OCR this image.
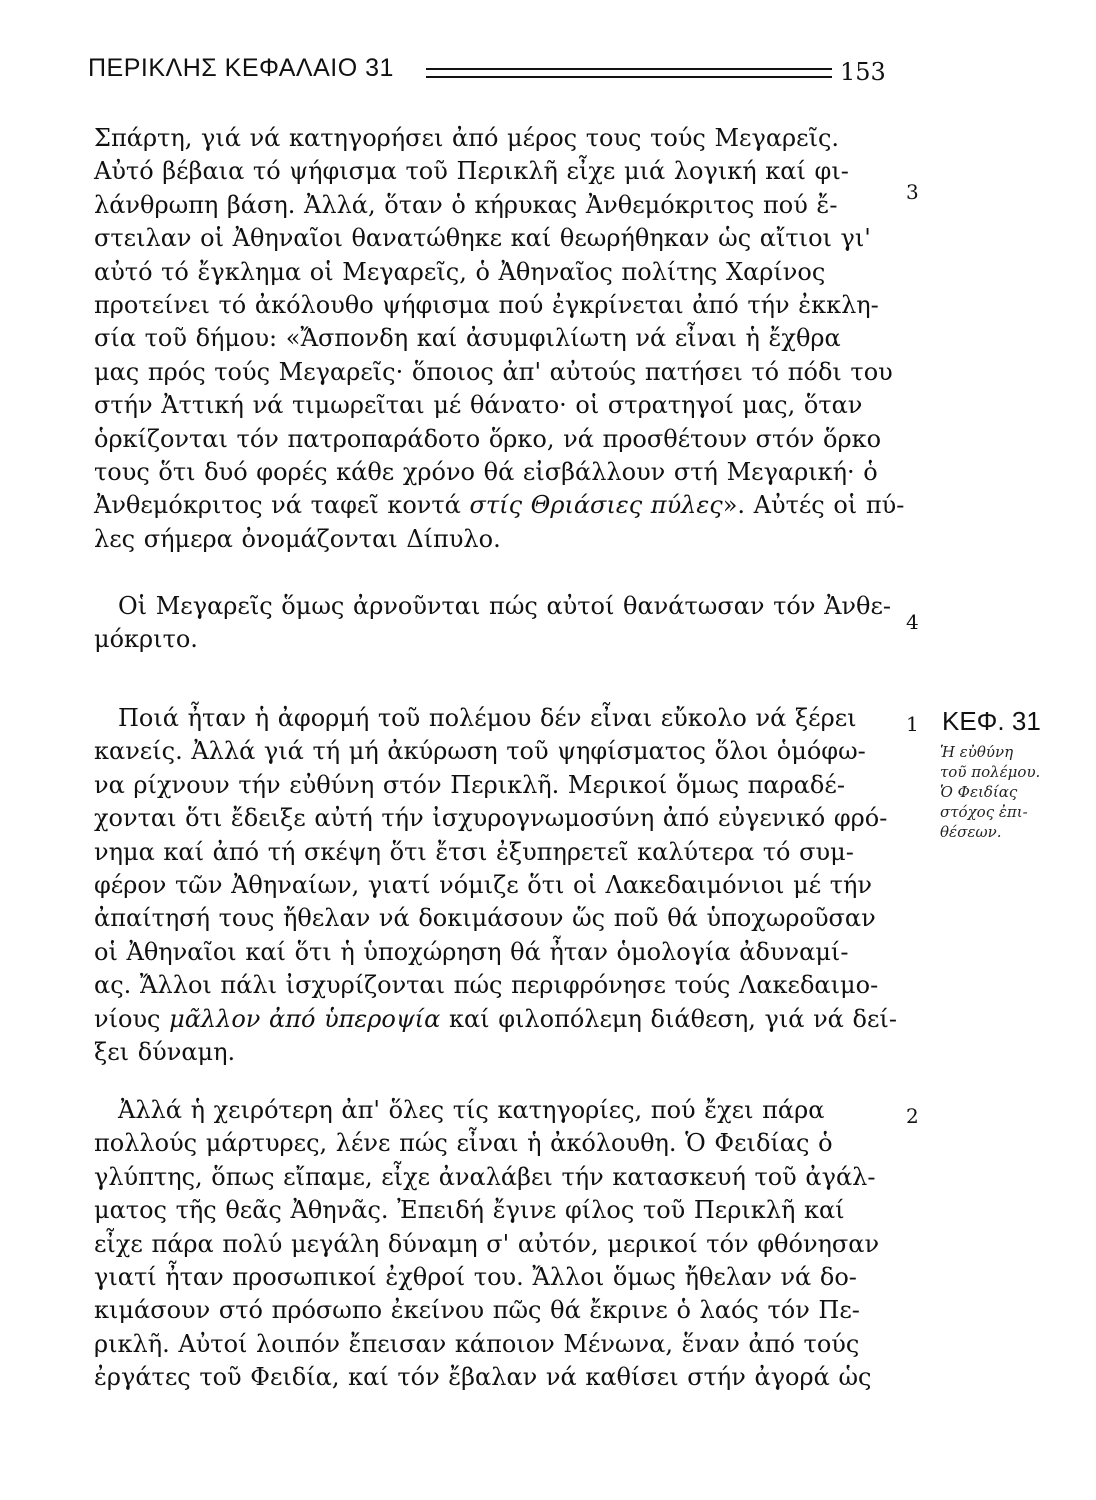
ΠΕΡΙΚΛΗΣ ΚΕΦΑΛΑΙΟ 31	153
Σπάρτη, γιά νά κατηγορήσει ἀπό μέρος τους τούς Μεγαρεῖς.
Αὐτό βέβαια τό ψήφισμα τοῦ Περικλῆ εἶχε μιά λογική καί φι-
λάνθρωπη βάση. Ἀλλά, ὅταν ὁ κήρυκας Ἀνθεμόκριτος πού ἔ-
στειλαν οἱ Ἀθηναῖοι θανατώθηκε καί θεωρήθηκαν ὡς αἴτιοι γι'
αὐτό τό ἔγκλημα οἱ Μεγαρεῖς, ὁ Ἀθηναῖος πολίτης Χαρίνος
προτείνει τό ἀκόλουθο ψήφισμα πού ἐγκρίνεται ἀπό τήν ἐκκλη-
σία τοῦ δήμου: «Ἄσπονδη καί ἀσυμφιλίωτη νά εἶναι ἡ ἔχθρα
μας πρός τούς Μεγαρεῖς· ὅποιος ἀπ' αὐτούς πατήσει τό πόδι του
στήν Ἀττική νά τιμωρεῖται μέ θάνατο· οἱ στρατηγοί μας, ὅταν
ὁρκίζονται τόν πατροπαράδοτο ὅρκο, νά προσθέτουν στόν ὅρκο
τους ὅτι δυό φορές κάθε χρόνο θά εἰσβάλλουν στή Μεγαρική· ὁ
Ἀνθεμόκριτος νά ταφεῖ κοντά στίς Θριάσιες πύλες». Αὐτές οἱ πύ-
λες σήμερα ὀνομάζονται Δίπυλο.
Οἱ Μεγαρεῖς ὅμως ἀρνοῦνται πώς αὐτοί θανάτωσαν τόν Ἀνθε-
μόκριτο.
Ποιά ἦταν ἡ ἀφορμή τοῦ πολέμου δέν εἶναι εὔκολο νά ξέρει
κανείς. Ἀλλά γιά τή μή ἀκύρωση τοῦ ψηφίσματος ὅλοι ὁμόφω-
να ρίχνουν τήν εὐθύνη στόν Περικλῆ. Μερικοί ὅμως παραδέ-
χονται ὅτι ἔδειξε αὐτή τήν ἰσχυρογνωμοσύνη ἀπό εὐγενικό φρό-
νημα καί ἀπό τή σκέψη ὅτι ἔτσι ἐξυπηρετεῖ καλύτερα τό συμ-
φέρον τῶν Ἀθηναίων, γιατί νόμιζε ὅτι οἱ Λακεδαιμόνιοι μέ τήν
ἀπαίτησή τους ἤθελαν νά δοκιμάσουν ὥς ποῦ θά ὑποχωροῦσαν
οἱ Ἀθηναῖοι καί ὅτι ἡ ὑποχώρηση θά ἦταν ὁμολογία ἀδυναμί-
ας. Ἄλλοι πάλι ἰσχυρίζονται πώς περιφρόνησε τούς Λακεδαιμο-
νίους μᾶλλον ἀπό ὑπεροψία καί φιλοπόλεμη διάθεση, γιά νά δεί-
ξει δύναμη.
Ἀλλά ἡ χειρότερη ἀπ' ὅλες τίς κατηγορίες, πού ἔχει πάρα
πολλούς μάρτυρες, λένε πώς εἶναι ἡ ἀκόλουθη. Ὁ Φειδίας ὁ
γλύπτης, ὅπως εἴπαμε, εἶχε ἀναλάβει τήν κατασκευή τοῦ ἀγάλ-
ματος τῆς θεᾶς Ἀθηνᾶς. Ἐπειδή ἔγινε φίλος τοῦ Περικλῆ καί
εἶχε πάρα πολύ μεγάλη δύναμη σ' αὐτόν, μερικοί τόν φθόνησαν
γιατί ἦταν προσωπικοί ἐχθροί του. Ἄλλοι ὅμως ἤθελαν νά δο-
κιμάσουν στό πρόσωπο ἐκείνου πῶς θά ἔκρινε ὁ λαός τόν Πε-
ρικλῆ. Αὐτοί λοιπόν ἔπεισαν κάποιον Μένωνα, ἕναν ἀπό τούς
ἐργάτες τοῦ Φειδία, καί τόν ἔβαλαν νά καθίσει στήν ἀγορά ὡς
3
4
1
2
ΚΕΦ. 31
Ἡ εὐθύνη
τοῦ πολέμου.
Ὁ Φειδίας
στόχος ἐπι-
θέσεων.
